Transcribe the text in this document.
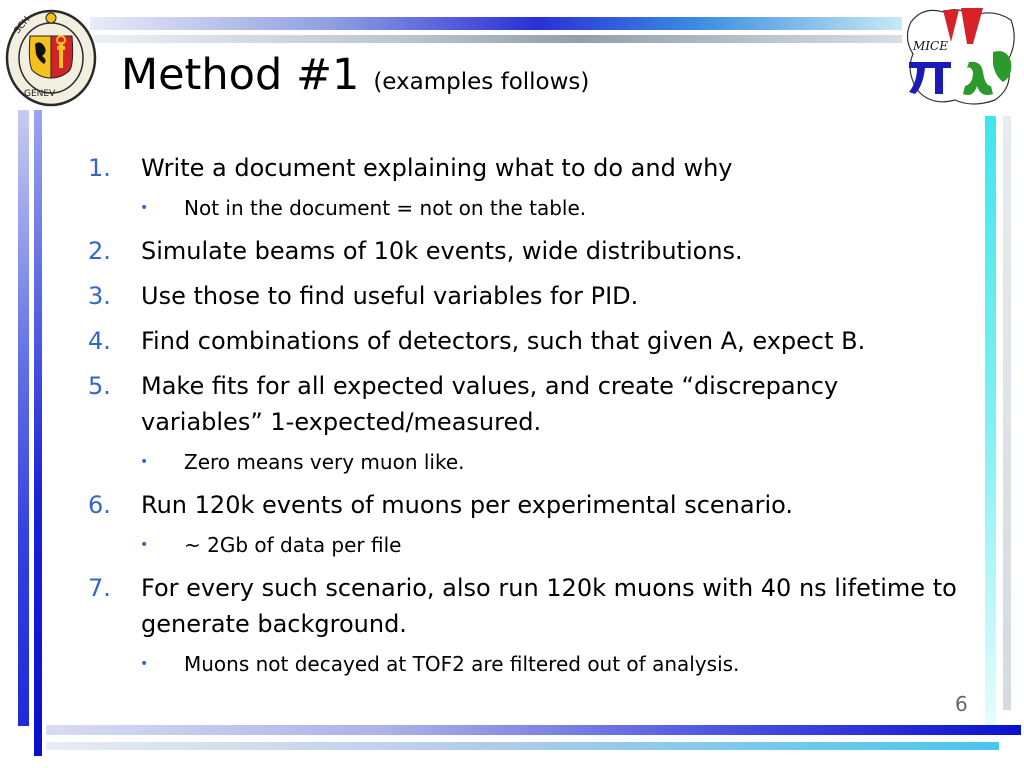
SCH
GENEV
MICE
Method #1 (examples follows)
1. Write a document explaining what to do and why
• Not in the document = not on the table.
2. Simulate beams of 10k events, wide distributions.
3. Use those to find useful variables for PID.
4. Find combinations of detectors, such that given A, expect B.
5. Make fits for all expected values, and create “discrepancy variables” 1-expected/measured.
• Zero means very muon like.
6. Run 120k events of muons per experimental scenario.
• ~ 2Gb of data per file
7. For every such scenario, also run 120k muons with 40 ns lifetime to generate background.
• Muons not decayed at TOF2 are filtered out of analysis.
6
